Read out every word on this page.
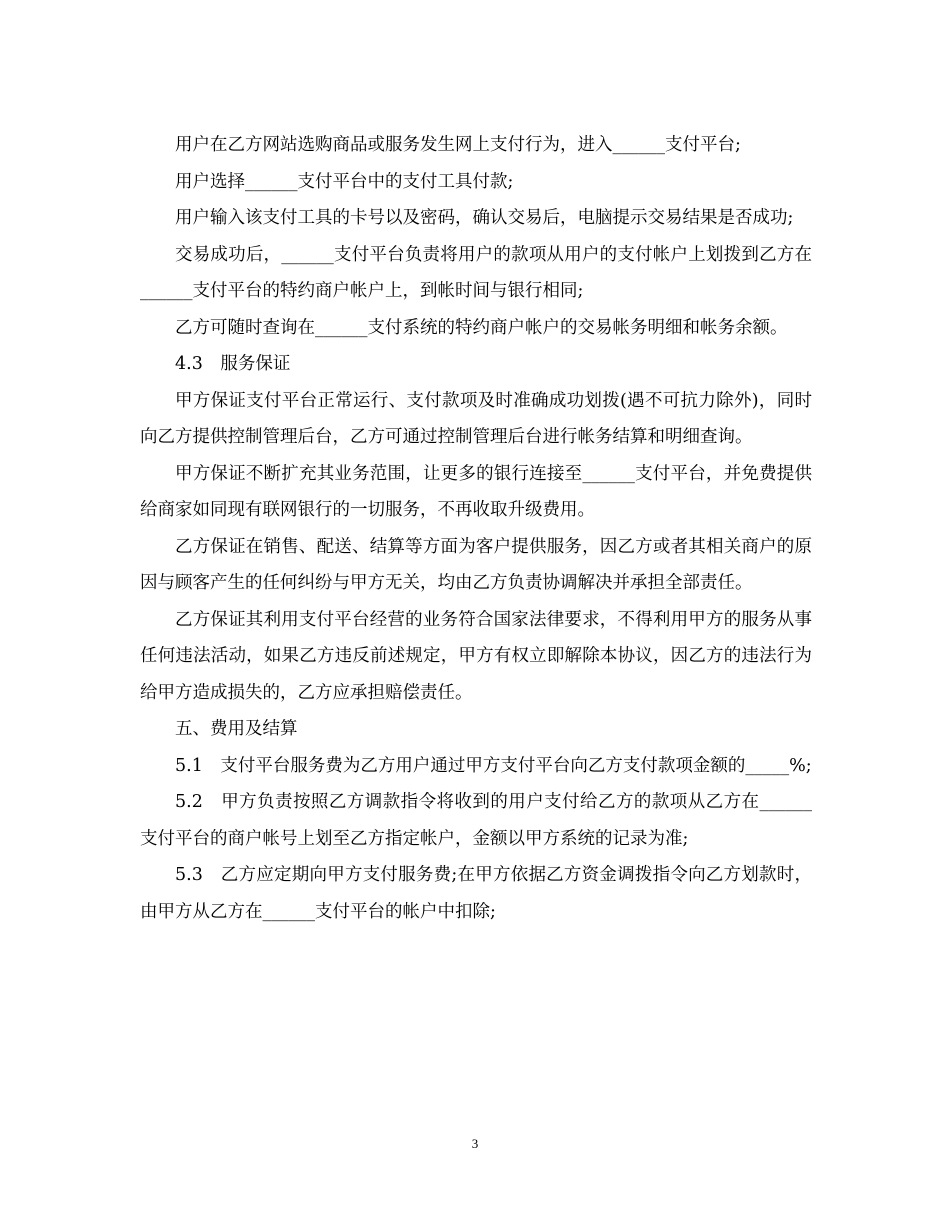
用户在乙方网站选购商品或服务发生网上支付行为，进入______支付平台;

用户选择______支付平台中的支付工具付款;

用户输入该支付工具的卡号以及密码，确认交易后，电脑提示交易结果是否成功;

交易成功后，______支付平台负责将用户的款项从用户的支付帐户上划拨到乙方在______支付平台的特约商户帐户上，到帐时间与银行相同;

乙方可随时查询在______支付系统的特约商户帐户的交易帐务明细和帐务余额。

4.3　服务保证

甲方保证支付平台正常运行、支付款项及时准确成功划拨(遇不可抗力除外)，同时向乙方提供控制管理后台，乙方可通过控制管理后台进行帐务结算和明细查询。

甲方保证不断扩充其业务范围，让更多的银行连接至______支付平台，并免费提供给商家如同现有联网银行的一切服务，不再收取升级费用。

乙方保证在销售、配送、结算等方面为客户提供服务，因乙方或者其相关商户的原因与顾客产生的任何纠纷与甲方无关，均由乙方负责协调解决并承担全部责任。

乙方保证其利用支付平台经营的业务符合国家法律要求，不得利用甲方的服务从事任何违法活动，如果乙方违反前述规定，甲方有权立即解除本协议，因乙方的违法行为给甲方造成损失的，乙方应承担赔偿责任。

五、费用及结算

5.1　支付平台服务费为乙方用户通过甲方支付平台向乙方支付款项金额的_____%;

5.2　甲方负责按照乙方调款指令将收到的用户支付给乙方的款项从乙方在______支付平台的商户帐号上划至乙方指定帐户，金额以甲方系统的记录为准;

5.3　乙方应定期向甲方支付服务费;在甲方依据乙方资金调拨指令向乙方划款时，由甲方从乙方在______支付平台的帐户中扣除;

3
